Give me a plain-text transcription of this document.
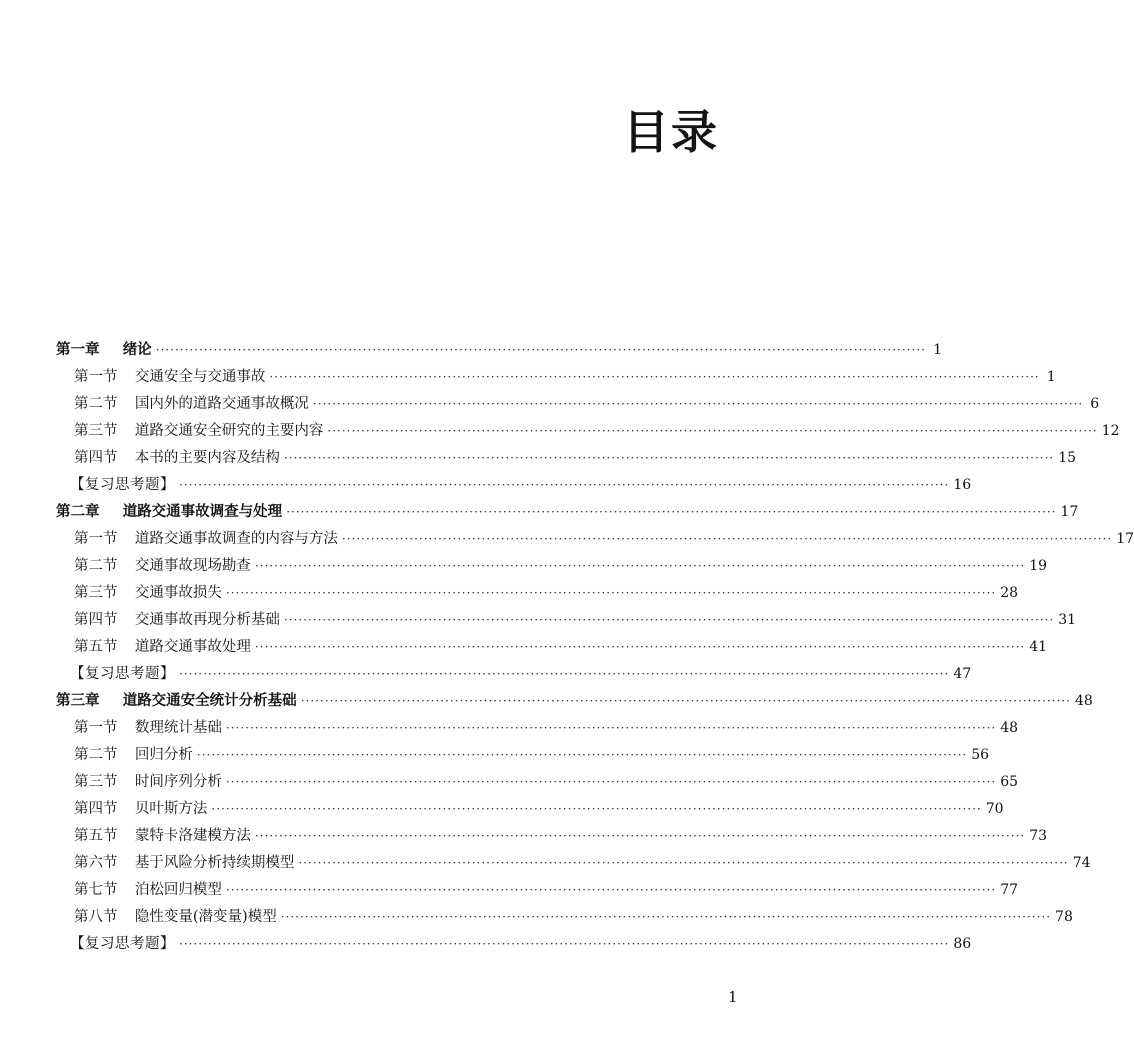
目录
第一章 绪论 ································································································································································ 1
第一节 交通安全与交通事故 ································································································································································ 1
第二节 国内外的道路交通事故概况 ································································································································································ 6
第三节 道路交通安全研究的主要内容 ································································································································································ 12
第四节 本书的主要内容及结构 ································································································································································ 15
【复习思考题】 ································································································································································ 16
第二章 道路交通事故调查与处理 ································································································································································ 17
第一节 道路交通事故调查的内容与方法 ································································································································································ 17
第二节 交通事故现场勘查 ································································································································································ 19
第三节 交通事故损失 ································································································································································ 28
第四节 交通事故再现分析基础 ································································································································································ 31
第五节 道路交通事故处理 ································································································································································ 41
【复习思考题】 ································································································································································ 47
第三章 道路交通安全统计分析基础 ································································································································································ 48
第一节 数理统计基础 ································································································································································ 48
第二节 回归分析 ································································································································································ 56
第三节 时间序列分析 ································································································································································ 65
第四节 贝叶斯方法 ································································································································································ 70
第五节 蒙特卡洛建模方法 ································································································································································ 73
第六节 基于风险分析持续期模型 ································································································································································ 74
第七节 泊松回归模型 ································································································································································ 77
第八节 隐性变量(潜变量)模型 ································································································································································ 78
【复习思考题】 ································································································································································ 86
1
